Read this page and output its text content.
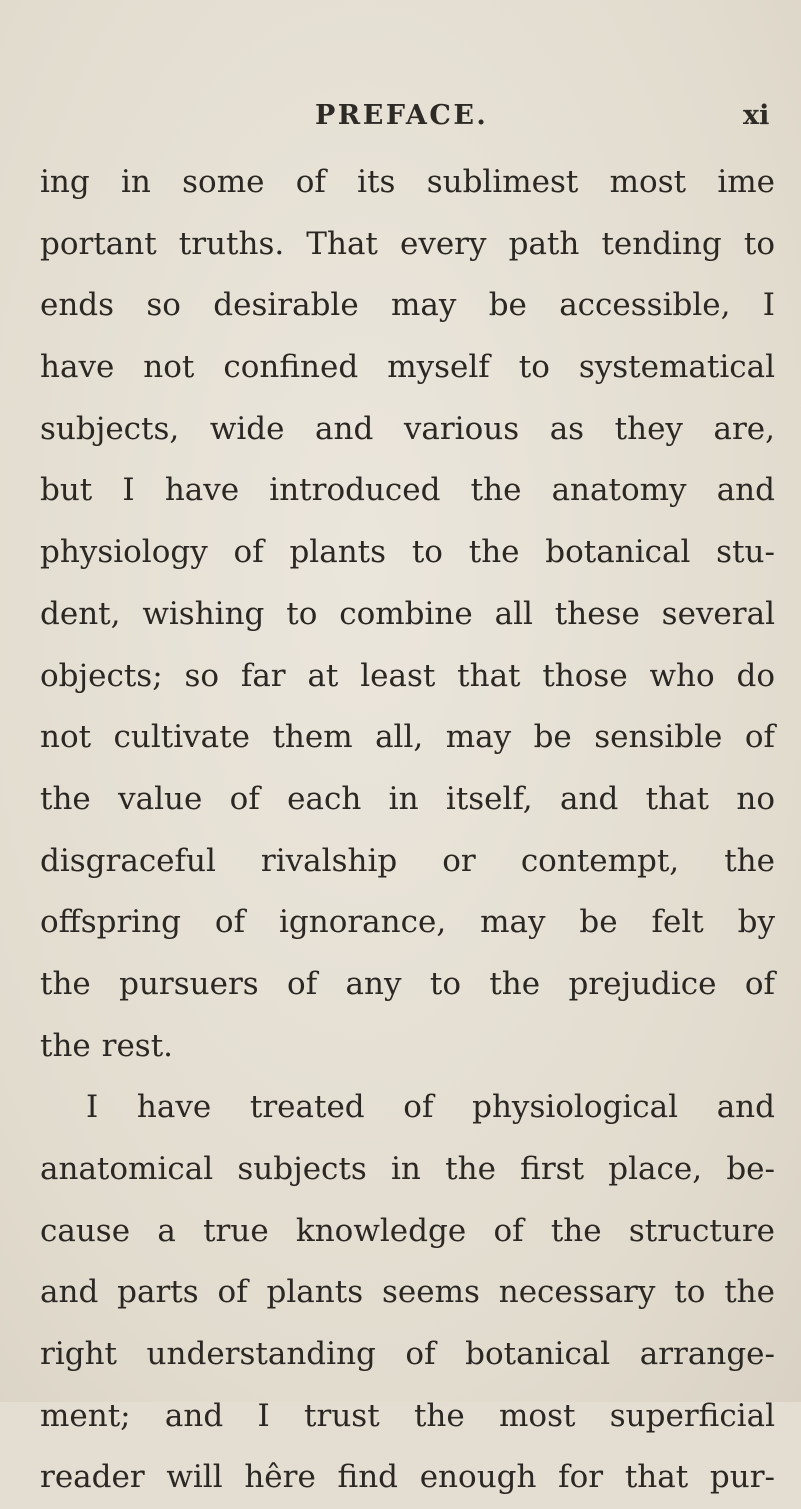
PREFACE.	xi
ing in some of its sublimest most ime
portant truths. That every path tending to
ends so desirable may be accessible, I
have not confined myself to systematical
subjects, wide and various as they are,
but I have introduced the anatomy and
physiology of plants to the botanical stu-
dent, wishing to combine all these several
objects; so far at least that those who do
not cultivate them all, may be sensible of
the value of each in itself, and that no
disgraceful rivalship or contempt, the
offspring of ignorance, may be felt by
the pursuers of any to the prejudice of
the rest.
I have treated of physiological and
anatomical subjects in the first place, be-
cause a true knowledge of the structure
and parts of plants seems necessary to the
right understanding of botanical arrange-
ment; and I trust the most superficial
reader will hêre find enough for that pur-
